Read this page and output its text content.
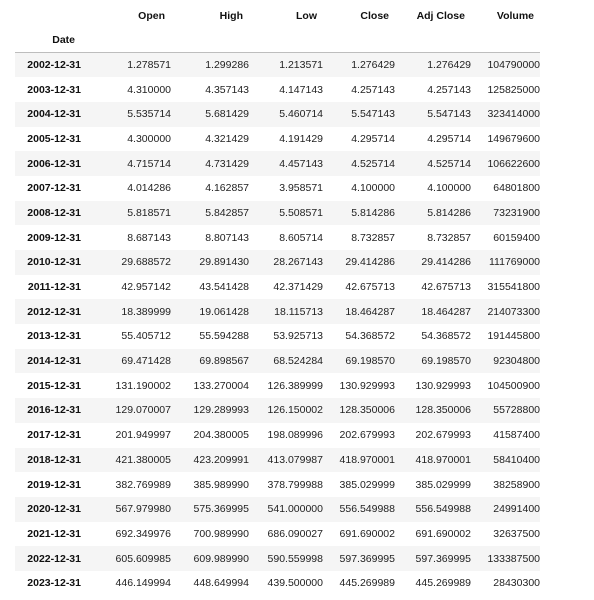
	Open	High	Low	Close	Adj Close	Volume
Date						
2002-12-31	1.278571	1.299286	1.213571	1.276429	1.276429	104790000
2003-12-31	4.310000	4.357143	4.147143	4.257143	4.257143	125825000
2004-12-31	5.535714	5.681429	5.460714	5.547143	5.547143	323414000
2005-12-31	4.300000	4.321429	4.191429	4.295714	4.295714	149679600
2006-12-31	4.715714	4.731429	4.457143	4.525714	4.525714	106622600
2007-12-31	4.014286	4.162857	3.958571	4.100000	4.100000	64801800
2008-12-31	5.818571	5.842857	5.508571	5.814286	5.814286	73231900
2009-12-31	8.687143	8.807143	8.605714	8.732857	8.732857	60159400
2010-12-31	29.688572	29.891430	28.267143	29.414286	29.414286	111769000
2011-12-31	42.957142	43.541428	42.371429	42.675713	42.675713	315541800
2012-12-31	18.389999	19.061428	18.115713	18.464287	18.464287	214073300
2013-12-31	55.405712	55.594288	53.925713	54.368572	54.368572	191445800
2014-12-31	69.471428	69.898567	68.524284	69.198570	69.198570	92304800
2015-12-31	131.190002	133.270004	126.389999	130.929993	130.929993	104500900
2016-12-31	129.070007	129.289993	126.150002	128.350006	128.350006	55728800
2017-12-31	201.949997	204.380005	198.089996	202.679993	202.679993	41587400
2018-12-31	421.380005	423.209991	413.079987	418.970001	418.970001	58410400
2019-12-31	382.769989	385.989990	378.799988	385.029999	385.029999	38258900
2020-12-31	567.979980	575.369995	541.000000	556.549988	556.549988	24991400
2021-12-31	692.349976	700.989990	686.090027	691.690002	691.690002	32637500
2022-12-31	605.609985	609.989990	590.559998	597.369995	597.369995	133387500
2023-12-31	446.149994	448.649994	439.500000	445.269989	445.269989	28430300
